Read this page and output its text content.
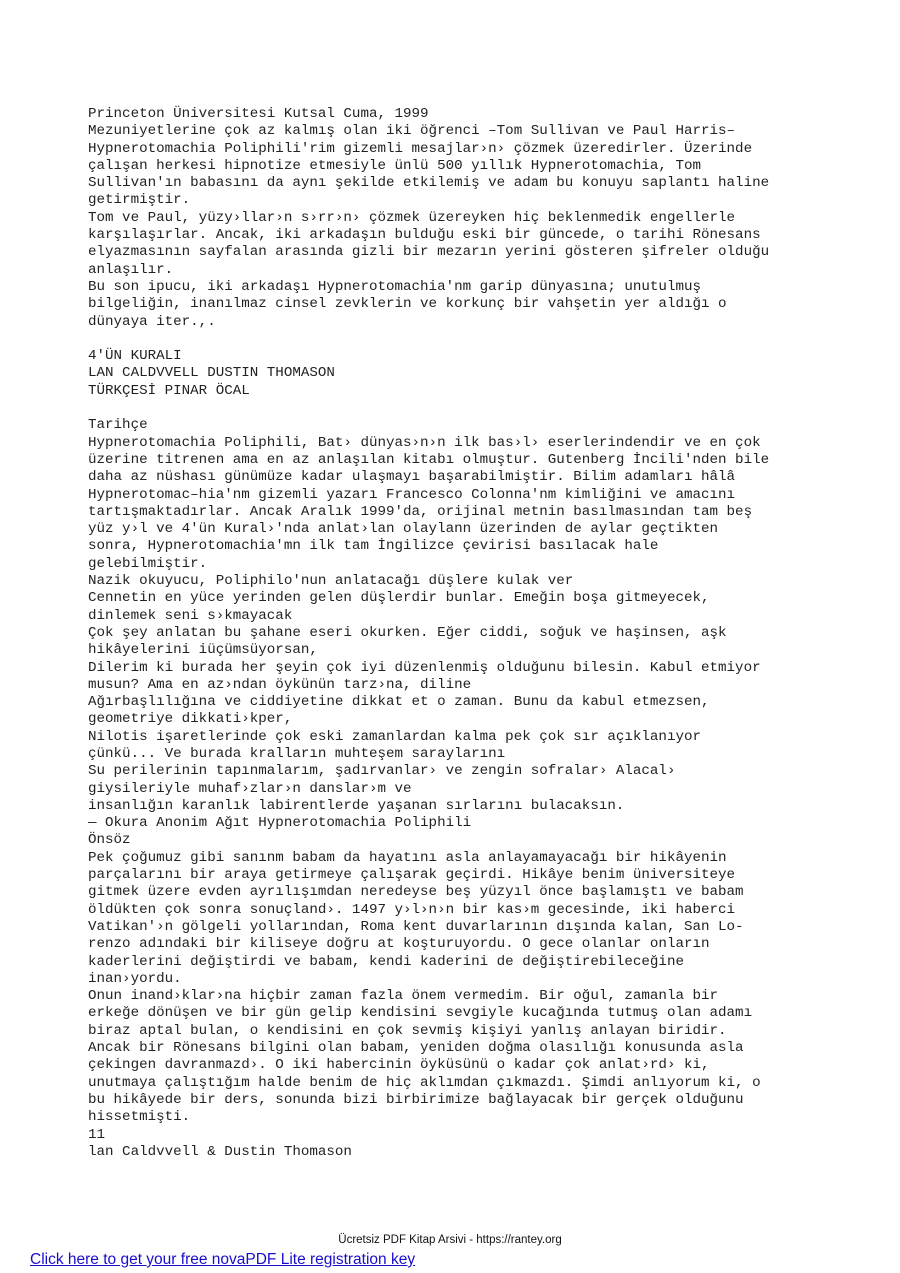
Princeton Üniversitesi Kutsal Cuma, 1999
Mezuniyetlerine çok az kalmış olan iki öğrenci –Tom Sullivan ve Paul Harris–
Hypnerotomachia Poliphili'rim gizemli mesajlar›n› çözmek üzeredirler. Üzerinde
çalışan herkesi hipnotize etmesiyle ünlü 500 yıllık Hypnerotomachia, Tom
Sullivan'ın babasını da aynı şekilde etkilemiş ve adam bu konuyu saplantı haline
getirmiştir.
Tom ve Paul, yüzy›llar›n s›rr›n› çözmek üzereyken hiç beklenmedik engellerle
karşılaşırlar. Ancak, iki arkadaşın bulduğu eski bir güncede, o tarihi Rönesans
elyazmasının sayfalan arasında gizli bir mezarın yerini gösteren şifreler olduğu
anlaşılır.
Bu son ipucu, iki arkadaşı Hypnerotomachia'nm garip dünyasına; unutulmuş
bilgeliğin, inanılmaz cinsel zevklerin ve korkunç bir vahşetin yer aldığı o
dünyaya iter.,.
4'ÜN KURALI
LAN CALDVVELL DUSTIN THOMASON
TÜRKÇESİ PINAR ÖCAL
Tarihçe
Hypnerotomachia Poliphili, Bat› dünyas›n›n ilk bas›l› eserlerindendir ve en çok
üzerine titrenen ama en az anlaşılan kitabı olmuştur. Gutenberg İncili'nden bile
daha az nüshası günümüze kadar ulaşmayı başarabilmiştir. Bilim adamları hâlâ
Hypnerotomac–hia'nm gizemli yazarı Francesco Colonna'nm kimliğini ve amacını
tartışmaktadırlar. Ancak Aralık 1999'da, orijinal metnin basılmasından tam beş
yüz y›l ve 4'ün Kural›'nda anlat›lan olaylann üzerinden de aylar geçtikten
sonra, Hypnerotomachia'mn ilk tam İngilizce çevirisi basılacak hale
gelebilmiştir.
Nazik okuyucu, Poliphilo'nun anlatacağı düşlere kulak ver
Cennetin en yüce yerinden gelen düşlerdir bunlar. Emeğin boşa gitmeyecek,
dinlemek seni s›kmayacak
Çok şey anlatan bu şahane eseri okurken. Eğer ciddi, soğuk ve haşinsen, aşk
hikâyelerini iüçümsüyorsan,
Dilerim ki burada her şeyin çok iyi düzenlenmiş olduğunu bilesin. Kabul etmiyor
musun? Ama en az›ndan öykünün tarz›na, diline
Ağırbaşlılığına ve ciddiyetine dikkat et o zaman. Bunu da kabul etmezsen,
geometriye dikkati›kper,
Nilotis işaretlerinde çok eski zamanlardan kalma pek çok sır açıklanıyor
çünkü... Ve burada kralların muhteşem saraylarını
Su perilerinin tapınmalarım, şadırvanlar› ve zengin sofralar› Alacal›
giysileriyle muhaf›zlar›n danslar›m ve
insanlığın karanlık labirentlerde yaşanan sırlarını bulacaksın.
— Okura Anonim Ağıt Hypnerotomachia Poliphili
Önsöz
Pek çoğumuz gibi sanınm babam da hayatını asla anlayamayacağı bir hikâyenin
parçalarını bir araya getirmeye çalışarak geçirdi. Hikâye benim üniversiteye
gitmek üzere evden ayrılışımdan neredeyse beş yüzyıl önce başlamıştı ve babam
öldükten çok sonra sonuçland›. 1497 y›l›n›n bir kas›m gecesinde, iki haberci
Vatikan'›n gölgeli yollarından, Roma kent duvarlarının dışında kalan, San Lo-
renzo adındaki bir kiliseye doğru at koşturuyordu. O gece olanlar onların
kaderlerini değiştirdi ve babam, kendi kaderini de değiştirebileceğine
inan›yordu.
Onun inand›klar›na hiçbir zaman fazla önem vermedim. Bir oğul, zamanla bir
erkeğe dönüşen ve bir gün gelip kendisini sevgiyle kucağında tutmuş olan adamı
biraz aptal bulan, o kendisini en çok sevmiş kişiyi yanlış anlayan biridir.
Ancak bir Rönesans bilgini olan babam, yeniden doğma olasılığı konusunda asla
çekingen davranmazd›. O iki habercinin öyküsünü o kadar çok anlat›rd› ki,
unutmaya çalıştığım halde benim de hiç aklımdan çıkmazdı. Şimdi anlıyorum ki, o
bu hikâyede bir ders, sonunda bizi birbirimize bağlayacak bir gerçek olduğunu
hissetmişti.
11
lan Caldvvell & Dustin Thomason
Ücretsiz PDF Kitap Arsivi - https://rantey.org
Click here to get your free novaPDF Lite registration key
